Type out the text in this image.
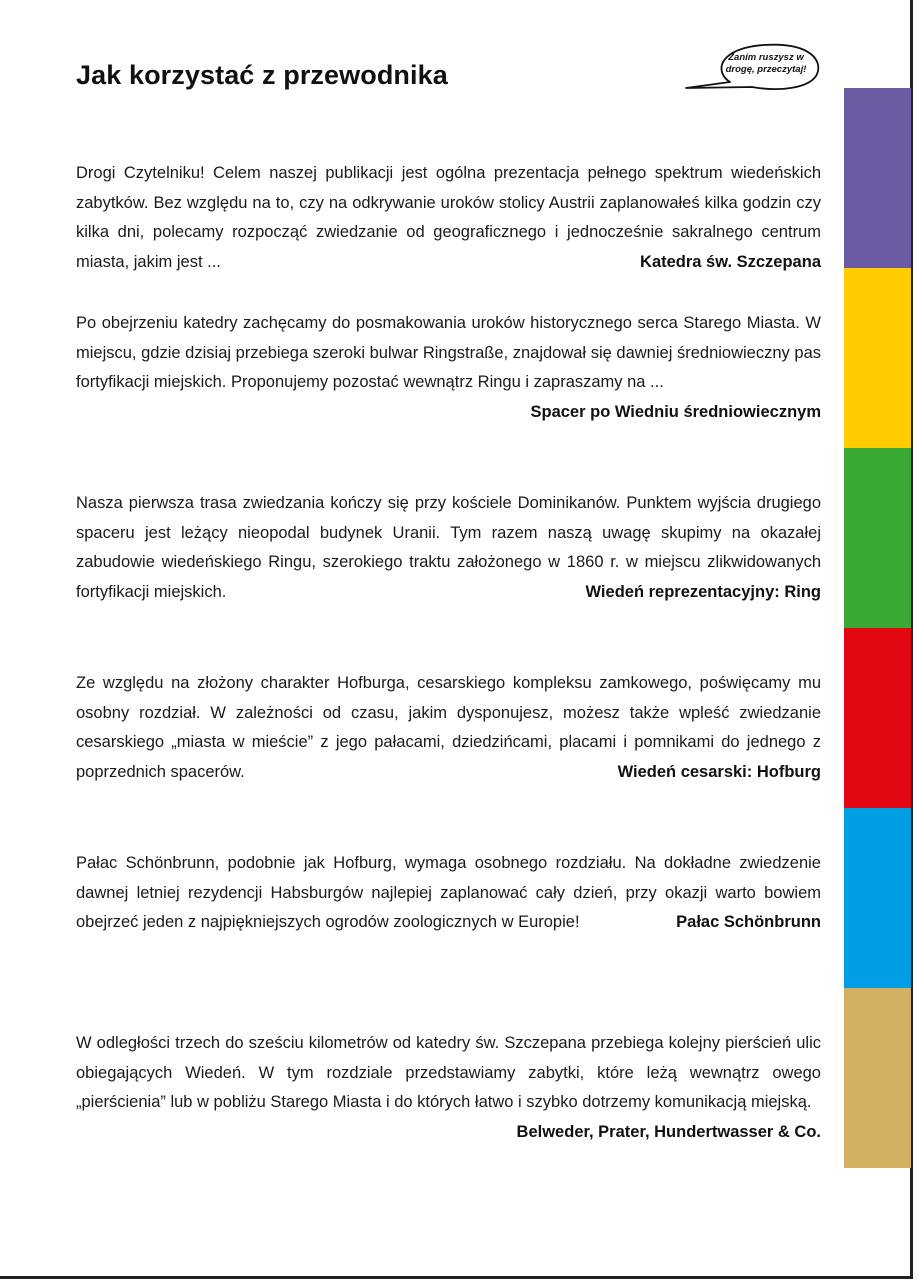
Jak korzystać z przewodnika
Zanim ruszysz w
drogę, przeczytaj!

Drogi Czytelniku! Celem naszej publikacji jest ogólna prezentacja pełnego spektrum wiedeńskich zabytków. Bez względu na to, czy na odkrywanie uroków stolicy Austrii zaplanowałeś kilka godzin czy kilka dni, polecamy rozpocząć zwiedzanie od geograficznego i jednocześnie sakralnego centrum miasta, jakim jest ...	Katedra św. Szczepana

Po obejrzeniu katedry zachęcamy do posmakowania uroków historycznego serca Starego Miasta. W miejscu, gdzie dzisiaj przebiega szeroki bulwar Ringstraße, znajdował się dawniej średniowieczny pas fortyfikacji miejskich. Proponujemy pozostać wewnątrz Ringu i zapraszamy na ...
Spacer po Wiedniu średniowiecznym

Nasza pierwsza trasa zwiedzania kończy się przy kościele Dominikanów. Punktem wyjścia drugiego spaceru jest leżący nieopodal budynek Uranii. Tym razem naszą uwagę skupimy na okazałej zabudowie wiedeńskiego Ringu, szerokiego traktu założonego w 1860 r. w miejscu zlikwidowanych fortyfikacji miejskich.	Wiedeń reprezentacyjny: Ring

Ze względu na złożony charakter Hofburga, cesarskiego kompleksu zamkowego, poświęcamy mu osobny rozdział. W zależności od czasu, jakim dysponujesz, możesz także wpleść zwiedzanie cesarskiego „miasta w mieście” z jego pałacami, dziedzińcami, placami i pomnikami do jednego z poprzednich spacerów.	Wiedeń cesarski: Hofburg

Pałac Schönbrunn, podobnie jak Hofburg, wymaga osobnego rozdziału. Na dokładne zwiedzenie dawnej letniej rezydencji Habsburgów najlepiej zaplanować cały dzień, przy okazji warto bowiem obejrzeć jeden z najpiękniejszych ogrodów zoologicznych w Europie!	Pałac Schönbrunn

W odległości trzech do sześciu kilometrów od katedry św. Szczepana przebiega kolejny pierścień ulic obiegających Wiedeń. W tym rozdziale przedstawiamy zabytki, które leżą wewnątrz owego „pierścienia” lub w pobliżu Starego Miasta i do których łatwo i szybko dotrzemy komunikacją miejską.
Belweder, Prater, Hundertwasser & Co.
